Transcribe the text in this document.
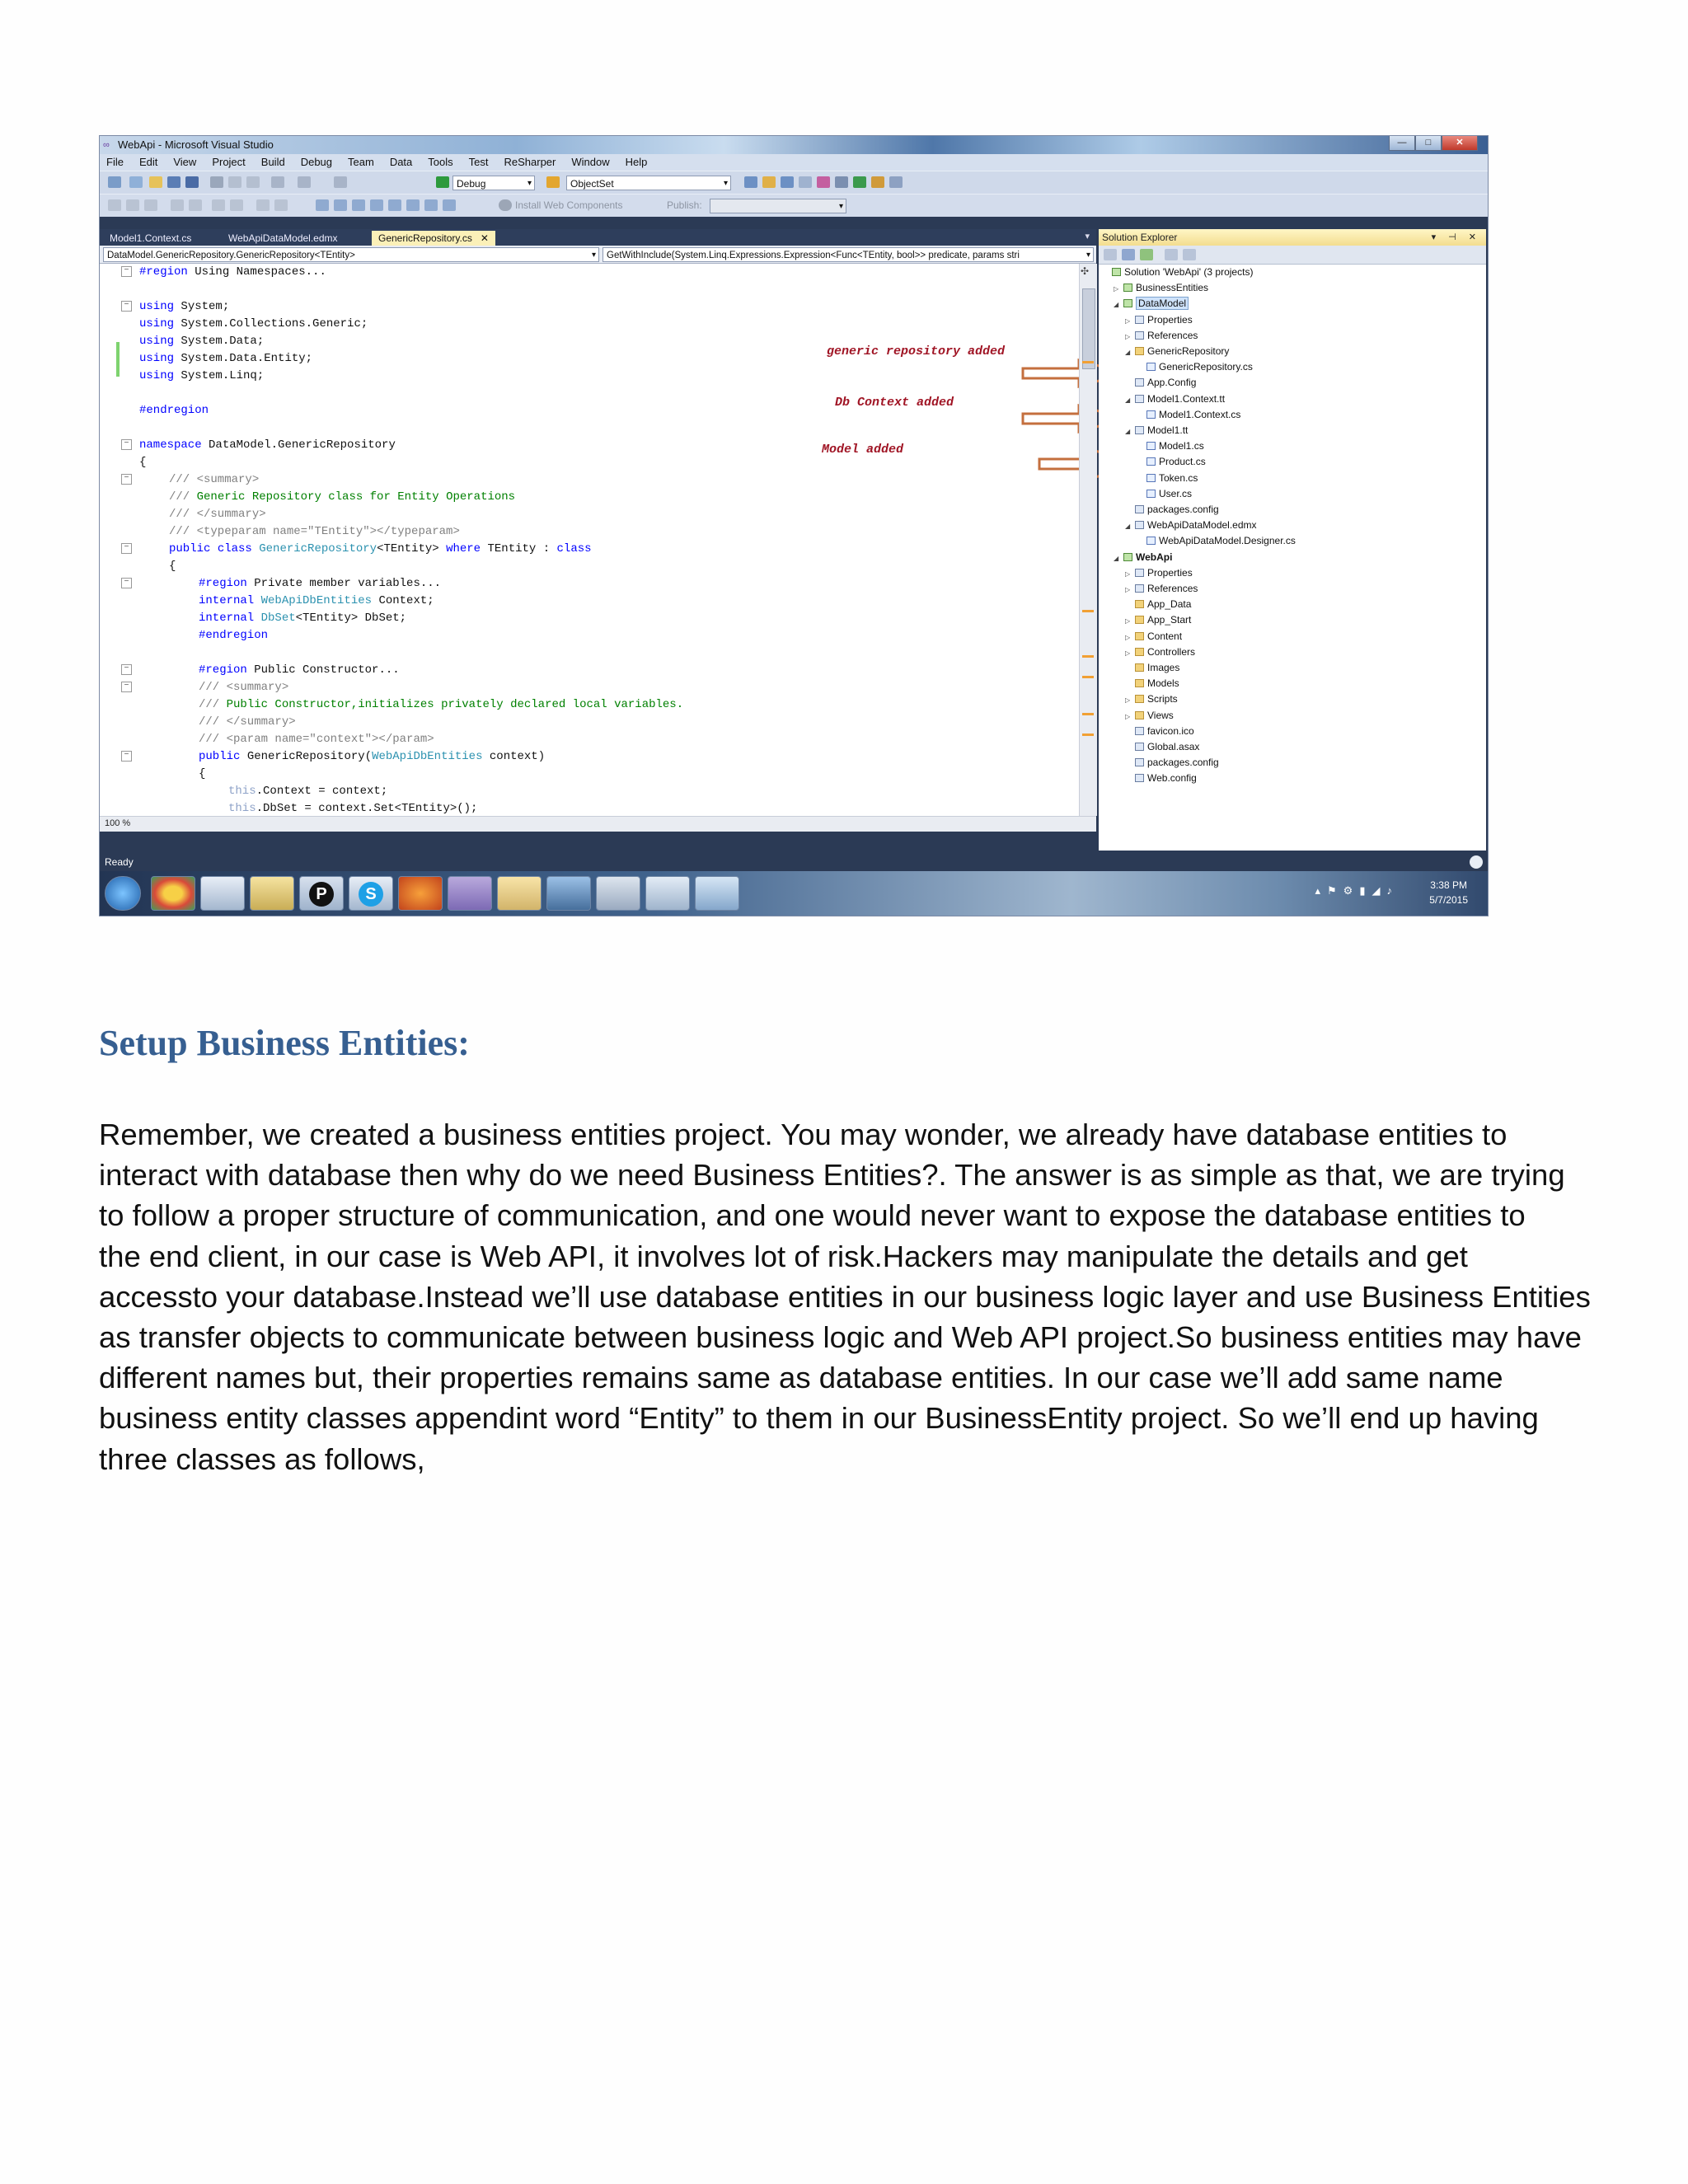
∞ WebApi - Microsoft Visual Studio	—	□	✕
File Edit View Project Build Debug Team Data Tools Test ReSharper Window Help
Debug ▾	ObjectSet ▾
Install Web Components	Publish:
▾
Model1.Context.cs	WebApiDataModel.edmx	GenericRepository.cs ✕	▾
DataModel.GenericRepository.GenericRepository<TEntity> ▾	GetWithInclude(System.Linq.Expressions.Expression<Func<TEntity, bool>> predicate, params stri ▾
− #region Using Namespaces...
− using System;
using System.Collections.Generic;
using System.Data;
using System.Data.Entity;
using System.Linq;
#endregion
− namespace DataModel.GenericRepository
{
−	/// <summary>
/// Generic Repository class for Entity Operations
/// </summary>
/// <typeparam name="TEntity"></typeparam>
−	public class GenericRepository<TEntity> where TEntity : class
{
−	#region Private member variables...
internal WebApiDbEntities Context;
internal DbSet<TEntity> DbSet;
#endregion
−	#region Public Constructor...
−	/// <summary>
/// Public Constructor,initializes privately declared local variables.
/// </summary>
/// <param name="context"></param>
−	public GenericRepository(WebApiDbEntities context)
{
this.Context = context;
this.DbSet = context.Set<TEntity>();
generic repository added
Db Context added
Model added
✣
100 %
Solution Explorer	▾ ⊣ ✕
Solution 'WebApi' (3 projects)
▷ BusinessEntities
◢ DataModel
▷ Properties
▷ References
◢ GenericRepository
GenericRepository.cs
App.Config
◢ Model1.Context.tt
Model1.Context.cs
◢ Model1.tt
Model1.cs
Product.cs
Token.cs
User.cs
packages.config
◢ WebApiDataModel.edmx
WebApiDataModel.Designer.cs
◢ WebApi
▷ Properties
▷ References
App_Data
▷ App_Start
▷ Content
▷ Controllers
Images
Models
▷ Scripts
▷ Views
favicon.ico
Global.asax
packages.config
Web.config
Ready
P	S	▴⚑⚙▮◢♪	3:38 PM
5/7/2015
Setup Business Entities:
Remember, we created a business entities project. You may wonder, we already have database entities to
interact with database then why do we need Business Entities?. The answer is as simple as that, we are trying
to follow a proper structure of communication, and one would never want to expose the database entities to
the end client, in our case is Web API, it involves lot of risk.Hackers may manipulate the details and get
accessto your database.Instead we’ll use database entities in our business logic layer and use Business Entities
as transfer objects to communicate between business logic and Web API project.So business entities may have
different names but, their properties remains same as database entities. In our case we’ll add same name
business entity classes appendint word “Entity” to them in our BusinessEntity project. So we’ll end up having
three classes as follows,
